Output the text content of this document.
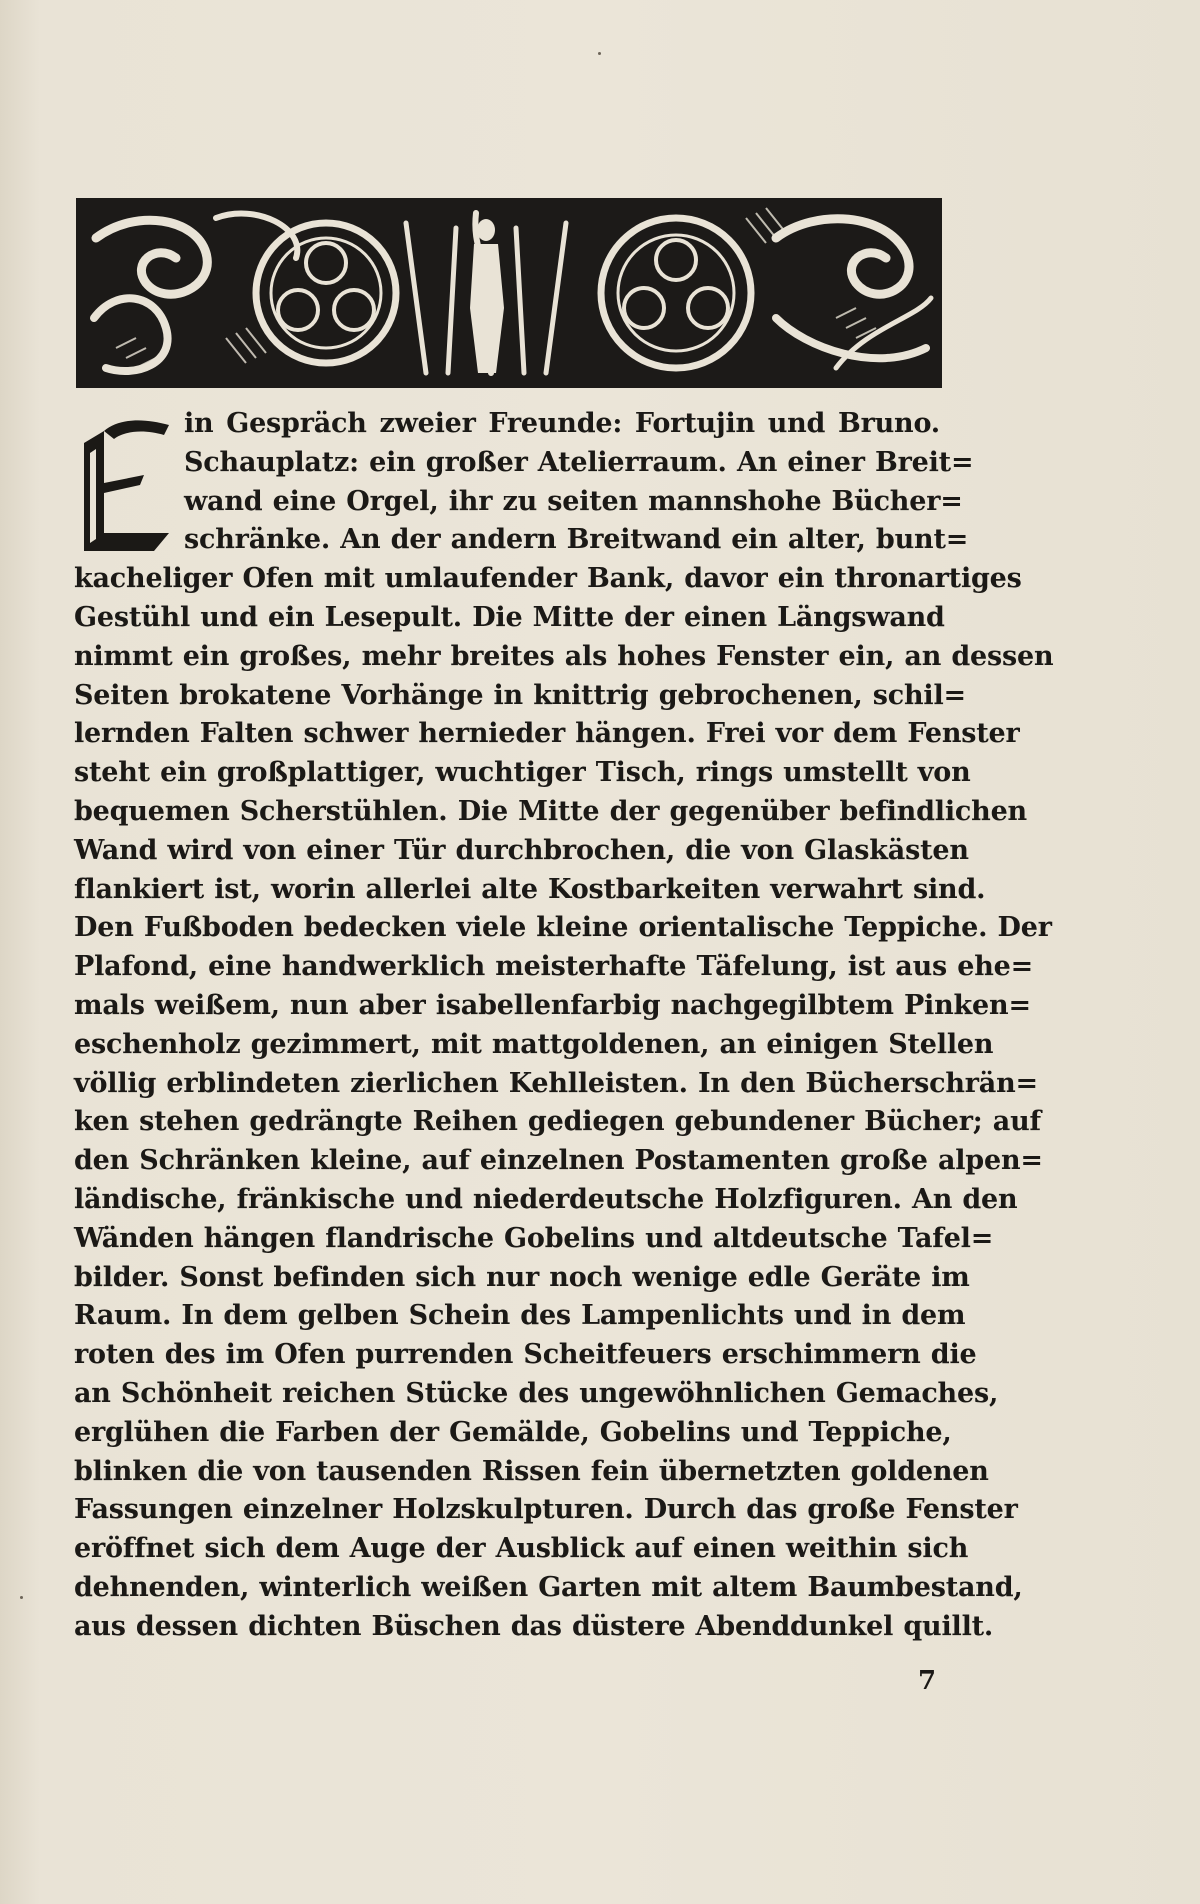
in Gespräch zweier Freunde: Fortujin und Bruno.
Schauplatz: ein großer Atelierraum. An einer Breit=
wand eine Orgel, ihr zu seiten mannshohe Bücher=
schränke. An der andern Breitwand ein alter, bunt=
kacheliger Ofen mit umlaufender Bank, davor ein thronartiges
Gestühl und ein Lesepult. Die Mitte der einen Längswand
nimmt ein großes, mehr breites als hohes Fenster ein, an dessen
Seiten brokatene Vorhänge in knittrig gebrochenen, schil=
lernden Falten schwer hernieder hängen. Frei vor dem Fenster
steht ein großplattiger, wuchtiger Tisch, rings umstellt von
bequemen Scherstühlen. Die Mitte der gegenüber befindlichen
Wand wird von einer Tür durchbrochen, die von Glaskästen
flankiert ist, worin allerlei alte Kostbarkeiten verwahrt sind.
Den Fußboden bedecken viele kleine orientalische Teppiche. Der
Plafond, eine handwerklich meisterhafte Täfelung, ist aus ehe=
mals weißem, nun aber isabellenfarbig nachgegilbtem Pinken=
eschenholz gezimmert, mit mattgoldenen, an einigen Stellen
völlig erblindeten zierlichen Kehlleisten. In den Bücherschrän=
ken stehen gedrängte Reihen gediegen gebundener Bücher; auf
den Schränken kleine, auf einzelnen Postamenten große alpen=
ländische, fränkische und niederdeutsche Holzfiguren. An den
Wänden hängen flandrische Gobelins und altdeutsche Tafel=
bilder. Sonst befinden sich nur noch wenige edle Geräte im
Raum. In dem gelben Schein des Lampenlichts und in dem
roten des im Ofen purrenden Scheitfeuers erschimmern die
an Schönheit reichen Stücke des ungewöhnlichen Gemaches,
erglühen die Farben der Gemälde, Gobelins und Teppiche,
blinken die von tausenden Rissen fein übernetzten goldenen
Fassungen einzelner Holzskulpturen. Durch das große Fenster
eröffnet sich dem Auge der Ausblick auf einen weithin sich
dehnenden, winterlich weißen Garten mit altem Baumbestand,
aus dessen dichten Büschen das düstere Abenddunkel quillt.
7
